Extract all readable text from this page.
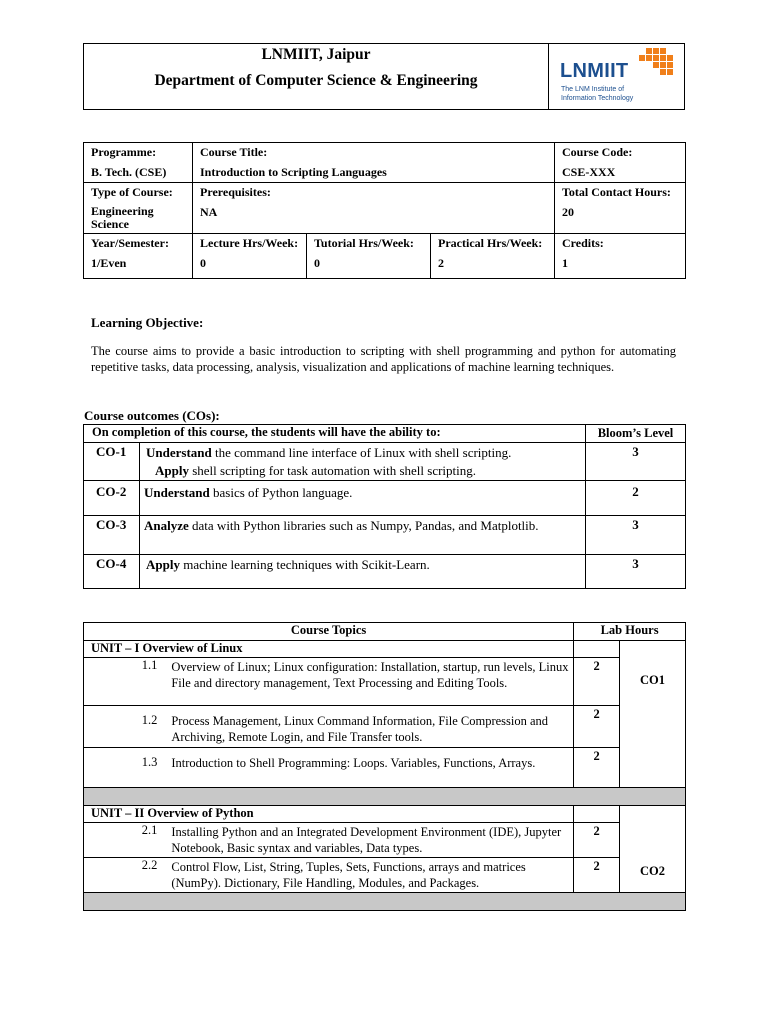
LNMIIT, Jaipur
Department of Computer Science & Engineering	LNMIIT
The LNM Institute of
Information Technology
Programme:	Course Title:			Course Code:
B. Tech. (CSE)	Introduction to Scripting Languages			CSE-XXX
Type of Course:	Prerequisites:			Total Contact Hours:
Engineering Science	NA			20
Year/Semester:	Lecture Hrs/Week:	Tutorial Hrs/Week:	Practical Hrs/Week:	Credits:
1/Even	0	0	2	1
Learning Objective:
The course aims to provide a basic introduction to scripting with shell programming and python for automating repetitive tasks, data processing, analysis, visualization and applications of machine learning techniques.
Course outcomes (COs):
On completion of this course, the students will have the ability to:		Bloom’s Level
CO-1	Understand the command line interface of Linux with shell scripting.
Apply shell scripting for task automation with shell scripting.	3
CO-2	Understand basics of Python language.	2
CO-3	Analyze data with Python libraries such as Numpy, Pandas, and Matplotlib.	3
CO-4	Apply machine learning techniques with Scikit-Learn.	3
Course Topics		Lab Hours	
UNIT – I Overview of Linux			CO1
1.1	Overview of Linux; Linux configuration: Installation, startup, run levels, Linux File and directory management, Text Processing and Editing Tools.	2	
1.2	Process Management, Linux Command Information, File Compression and Archiving, Remote Login, and File Transfer tools.	2	
1.3	Introduction to Shell Programming: Loops. Variables, Functions, Arrays.	2	

UNIT – II Overview of Python			CO2
2.1	Installing Python and an Integrated Development Environment (IDE), Jupyter Notebook, Basic syntax and variables, Data types.	2	
2.2	Control Flow, List, String, Tuples, Sets, Functions, arrays and matrices (NumPy). Dictionary, File Handling, Modules, and Packages.	2	
